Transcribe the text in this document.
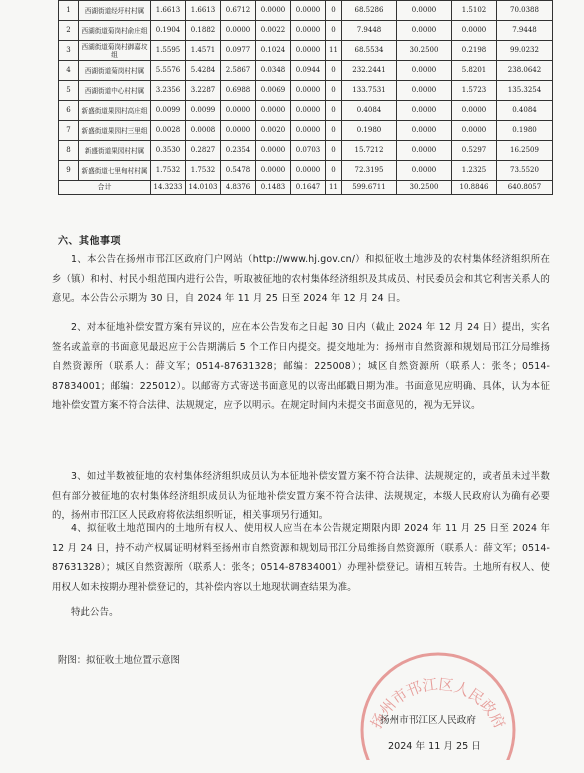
1	西湖街道经圩村村属	1.6613	1.6613	0.6712	0.0000	0.0000	0	68.5286	0.0000	1.5102	70.0388
2	西湖街道菊岗村俞庄组	0.1904	0.1882	0.0000	0.0022	0.0000	0	7.9448	0.0000	0.0000	7.9448
3	西湖街道菊岗村御嘉坟组	1.5595	1.4571	0.0977	0.1024	0.0000	11	68.5534	30.2500	0.2198	99.0232
4	西湖街道菊岗村村属	5.5576	5.4284	2.5867	0.0348	0.0944	0	232.2441	0.0000	5.8201	238.0642
5	西湖街道中心村村属	3.2356	3.2287	0.6988	0.0069	0.0000	0	133.7531	0.0000	1.5723	135.3254
6	新盛街道果园村高庄组	0.0099	0.0099	0.0000	0.0000	0.0000	0	0.4084	0.0000	0.0000	0.4084
7	新盛街道果园村三里组	0.0028	0.0008	0.0000	0.0020	0.0000	0	0.1980	0.0000	0.0000	0.1980
8	新盛街道果园村村属	0.3530	0.2827	0.2354	0.0000	0.0703	0	15.7212	0.0000	0.5297	16.2509
9	新盛街道七里甸村村属	1.7532	1.7532	0.5478	0.0000	0.0000	0	72.3195	0.0000	1.2325	73.5520
合计		14.3233	14.0103	4.8376	0.1483	0.1647	11	599.6711	30.2500	10.8846	640.8057
六、其他事项
1、本公告在扬州市邗江区政府门户网站（http://www.hj.gov.cn/）和拟征收土地涉及的农村集体经济组织所在乡（镇）和村、村民小组范围内进行公告，听取被征地的农村集体经济组织及其成员、村民委员会和其它利害关系人的意见。本公告公示期为 30 日，自 2024 年 11 月 25 日至 2024 年 12 月 24 日。
2、对本征地补偿安置方案有异议的，应在本公告发布之日起 30 日内（截止 2024 年 12 月 24 日）提出，实名签名或盖章的书面意见最迟应于公告期满后 5 个工作日内提交。提交地址为：扬州市自然资源和规划局邗江分局维扬自然资源所（联系人：薛文军；0514-87631328；邮编：225008）；城区自然资源所（联系人：张冬；0514-87834001；邮编：225012）。以邮寄方式寄送书面意见的以寄出邮戳日期为准。书面意见应明确、具体，认为本征地补偿安置方案不符合法律、法规规定，应予以明示。在规定时间内未提交书面意见的，视为无异议。
3、如过半数被征地的农村集体经济组织成员认为本征地补偿安置方案不符合法律、法规规定的，或者虽未过半数但有部分被征地的农村集体经济组织成员认为征地补偿安置方案不符合法律、法规规定，本级人民政府认为确有必要的，扬州市邗江区人民政府将依法组织听证，相关事项另行通知。
4、拟征收土地范围内的土地所有权人、使用权人应当在本公告规定期限内即 2024 年 11 月 25 日至 2024 年 12 月 24 日，持不动产权属证明材料至扬州市自然资源和规划局邗江分局维扬自然资源所（联系人：薛文军；0514-87631328）；城区自然资源所（联系人：张冬；0514-87834001）办理补偿登记。请相互转告。土地所有权人、使用权人如未按期办理补偿登记的，其补偿内容以土地现状调查结果为准。
特此公告。
附图：拟征收土地位置示意图
扬州市邗江区人民政府
扬州市邗江区人民政府
2024 年 11 月 25 日
